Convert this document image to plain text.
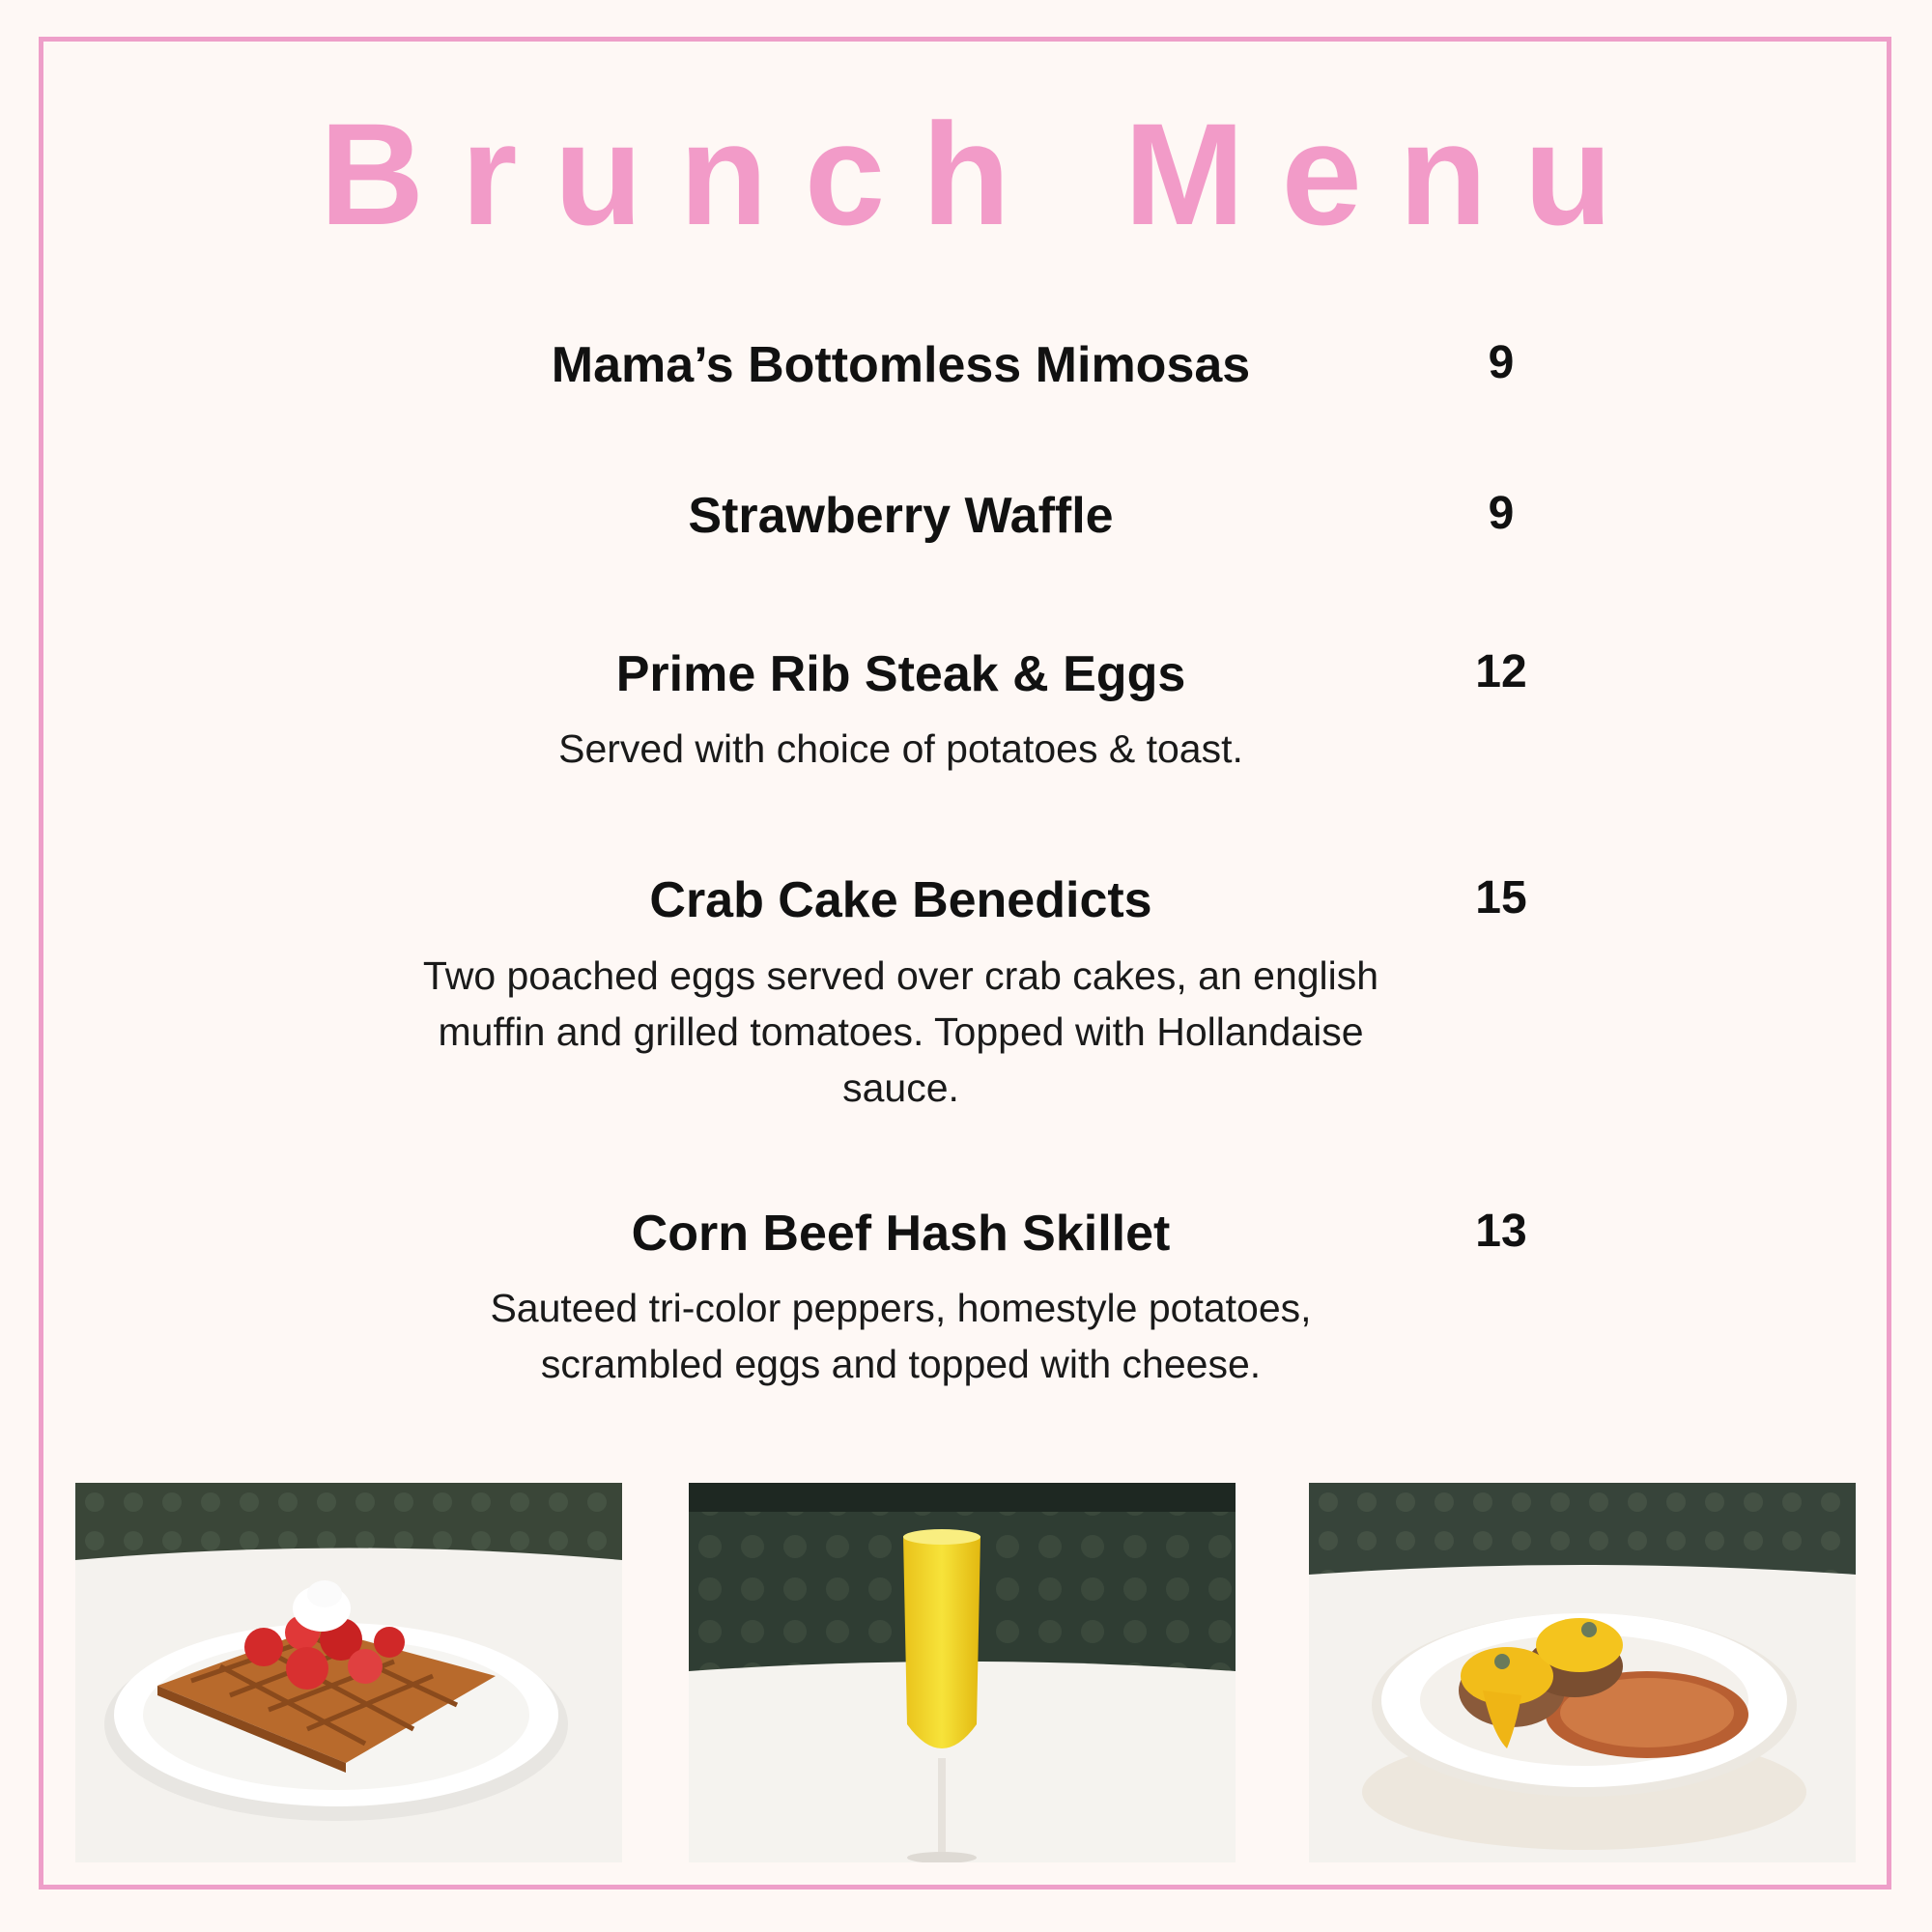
Brunch Menu
Mama’s Bottomless Mimosas	9
Strawberry Waffle	9
Prime Rib Steak & Eggs	12
Served with choice of potatoes & toast.
Crab Cake Benedicts	15
Two poached eggs served over crab cakes, an english muffin and grilled tomatoes. Topped with Hollandaise sauce.
Corn Beef Hash Skillet	13
Sauteed tri-color peppers, homestyle potatoes, scrambled eggs and topped with cheese.
